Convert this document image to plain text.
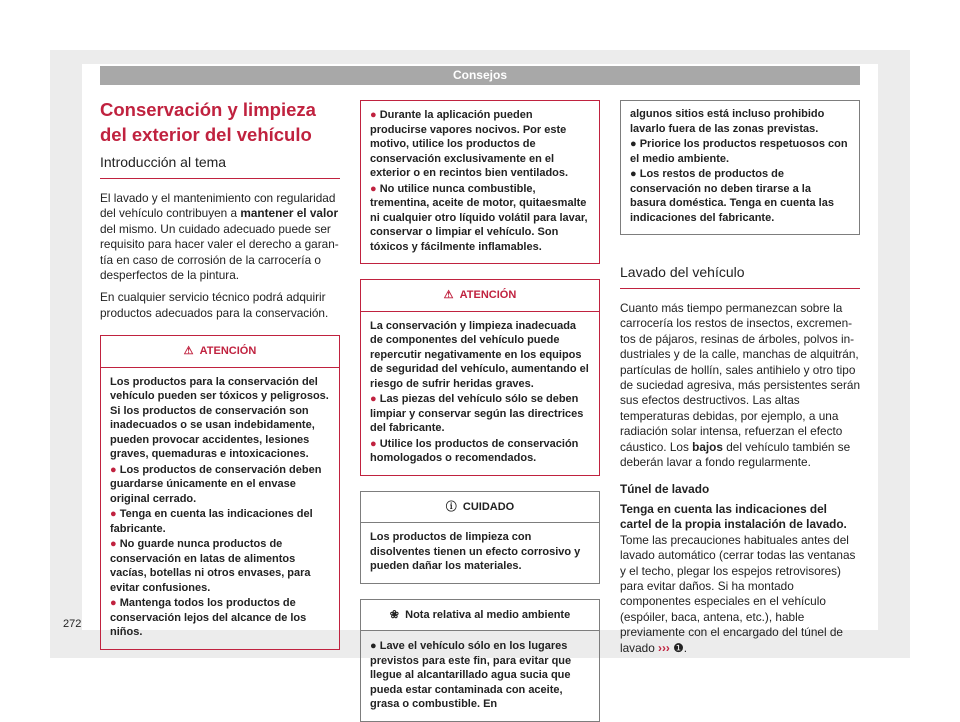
Consejos
Conservación y limpieza del exterior del vehículo
Introducción al tema

El lavado y el mantenimiento con regularidad del vehículo contribuyen a mantener el valor del mismo. Un cuidado adecuado puede ser requisito para hacer valer el derecho a garantía en caso de corrosión de la carrocería o desperfectos de la pintura.

En cualquier servicio técnico podrá adquirir productos adecuados para la conservación.

⚠ ATENCIÓN
Los productos para la conservación del vehículo pueden ser tóxicos y peligrosos. Si los productos de conservación son inadecuados o se usan indebidamente, pueden provocar accidentes, lesiones graves, quemaduras e intoxicaciones.
● Los productos de conservación deben guardarse únicamente en el envase original cerrado.
● Tenga en cuenta las indicaciones del fabricante.
● No guarde nunca productos de conservación en latas de alimentos vacías, botellas ni otros envases, para evitar confusiones.
● Mantenga todos los productos de conservación lejos del alcance de los niños.
● Durante la aplicación pueden producirse vapores nocivos. Por este motivo, utilice los productos de conservación exclusivamente en el exterior o en recintos bien ventilados.
● No utilice nunca combustible, trementina, aceite de motor, quitaesmalte ni cualquier otro líquido volátil para lavar, conservar o limpiar el vehículo. Son tóxicos y fácilmente inflamables.
⚠ ATENCIÓN
La conservación y limpieza inadecuada de componentes del vehículo puede repercutir negativamente en los equipos de seguridad del vehículo, aumentando el riesgo de sufrir heridas graves.
● Las piezas del vehículo sólo se deben limpiar y conservar según las directrices del fabricante.
● Utilice los productos de conservación homologados o recomendados.
ⓘ CUIDADO
Los productos de limpieza con disolventes tienen un efecto corrosivo y pueden dañar los materiales.
❀ Nota relativa al medio ambiente
● Lave el vehículo sólo en los lugares previstos para este fin, para evitar que llegue al alcantarillado agua sucia que pueda estar contaminada con aceite, grasa o combustible. En
algunos sitios está incluso prohibido lavarlo fuera de las zonas previstas.
● Priorice los productos respetuosos con el medio ambiente.
● Los restos de productos de conservación no deben tirarse a la basura doméstica. Tenga en cuenta las indicaciones del fabricante.
Lavado del vehículo

Cuanto más tiempo permanezcan sobre la carrocería los restos de insectos, excrementos de pájaros, resinas de árboles, polvos industriales y de la calle, manchas de alquitrán, partículas de hollín, sales antihielo y otro tipo de suciedad agresiva, más persistentes serán sus efectos destructivos. Las altas temperaturas debidas, por ejemplo, a una radiación solar intensa, refuerzan el efecto cáustico. Los bajos del vehículo también se deberán lavar a fondo regularmente.

Túnel de lavado

Tenga en cuenta las indicaciones del cartel de la propia instalación de lavado. Tome las precauciones habituales antes del lavado automático (cerrar todas las ventanas y el techo, plegar los espejos retrovisores) para evitar daños. Si ha montado componentes especiales en el vehículo (espóiler, baca, antena, etc.), hable previamente con el encargado del túnel de lavado ››› ❶.

272
